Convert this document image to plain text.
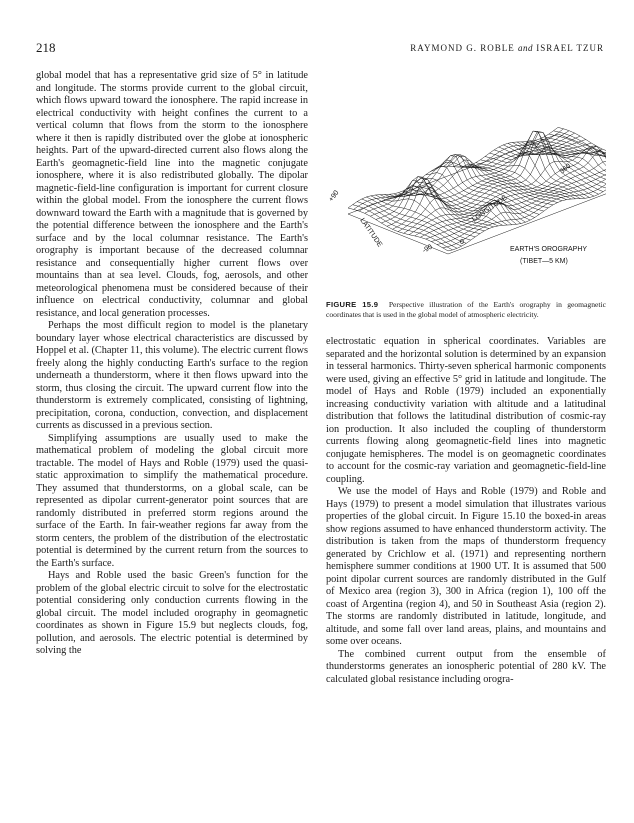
218	RAYMOND G. ROBLE and ISRAEL TZUR

global model that has a representative grid size of 5° in latitude and longitude. The storms provide current to the global circuit, which flows upward toward the ionosphere. The rapid increase in electrical conductivity with height confines the current to a vertical column that flows from the storm to the ionosphere where it then is rapidly distributed over the globe at ionospheric heights. Part of the upward-directed current also flows along the Earth's geomagnetic-field line into the magnetic conjugate ionosphere, where it is also redistributed globally. The dipolar magnetic-field-line configuration is important for current closure within the global model. From the ionosphere the current flows downward toward the Earth with a magnitude that is governed by the potential difference between the ionosphere and the Earth's surface and by the local columnar resistance. The Earth's orography is important because of the decreased columnar resistance and consequentially higher current flows over mountains than at sea level. Clouds, fog, aerosols, and other meteorological phenomena must be considered because of their influence on electrical conductivity, columnar and global resistance, and local generation processes.

Perhaps the most difficult region to model is the planetary boundary layer whose electrical characteristics are discussed by Hoppel et al. (Chapter 11, this volume). The electric current flows freely along the highly conducting Earth's surface to the region underneath a thunderstorm, where it then flows upward into the storm, thus closing the circuit. The upward current flow into the thunderstorm is extremely complicated, consisting of lightning, precipitation, corona, conduction, convection, and displacement currents as discussed in a previous section.

Simplifying assumptions are usually used to make the mathematical problem of modeling the global circuit more tractable. The model of Hays and Roble (1979) used the quasi-static approximation to simplify the mathematical procedure. They assumed that thunderstorms, on a global scale, can be represented as dipolar current-generator point sources that are randomly distributed in preferred storm regions around the surface of the Earth. In fair-weather regions far away from the storm centers, the problem of the distribution of the electrostatic potential is determined by the current return from the sources to the Earth's surface.

Hays and Roble used the basic Green's function for the problem of the global electric circuit to solve for the electrostatic potential considering only conduction currents flowing in the global circuit. The model included orography in geomagnetic coordinates as shown in Figure 15.9 but neglects clouds, fog, pollution, and aerosols. The electric potential is determined by solving the

+90
LATITUDE
-90
0
LONGITUDE
360
EARTH'S OROGRAPHY
(TIBET—5 KM)
FIGURE 15.9 Perspective illustration of the Earth's orography in geomagnetic coordinates that is used in the global model of atmospheric electricity.

electrostatic equation in spherical coordinates. Variables are separated and the horizontal solution is determined by an expansion in tesseral harmonics. Thirty-seven spherical harmonic components were used, giving an effective 5° grid in latitude and longitude. The model of Hays and Roble (1979) included an exponentially increasing conductivity variation with altitude and a latitudinal distribution that follows the latitudinal distribution of cosmic-ray ion production. It also included the coupling of thunderstorm currents flowing along geomagnetic-field lines into magnetic conjugate hemispheres. The model is on geomagnetic coordinates to account for the cosmic-ray variation and geomagnetic-field-line coupling.

We use the model of Hays and Roble (1979) and Roble and Hays (1979) to present a model simulation that illustrates various properties of the global circuit. In Figure 15.10 the boxed-in areas show regions assumed to have enhanced thunderstorm activity. The distribution is taken from the maps of thunderstorm frequency generated by Crichlow et al. (1971) and representing northern hemisphere summer conditions at 1900 UT. It is assumed that 500 point dipolar current sources are randomly distributed in the Gulf of Mexico area (region 3), 300 in Africa (region 1), 100 off the coast of Argentina (region 4), and 50 in Southeast Asia (region 2). The storms are randomly distributed in latitude, longitude, and altitude, and some fall over land areas, plains, and mountains and some over oceans.

The combined current output from the ensemble of thunderstorms generates an ionospheric potential of 280 kV. The calculated global resistance including orogra-
